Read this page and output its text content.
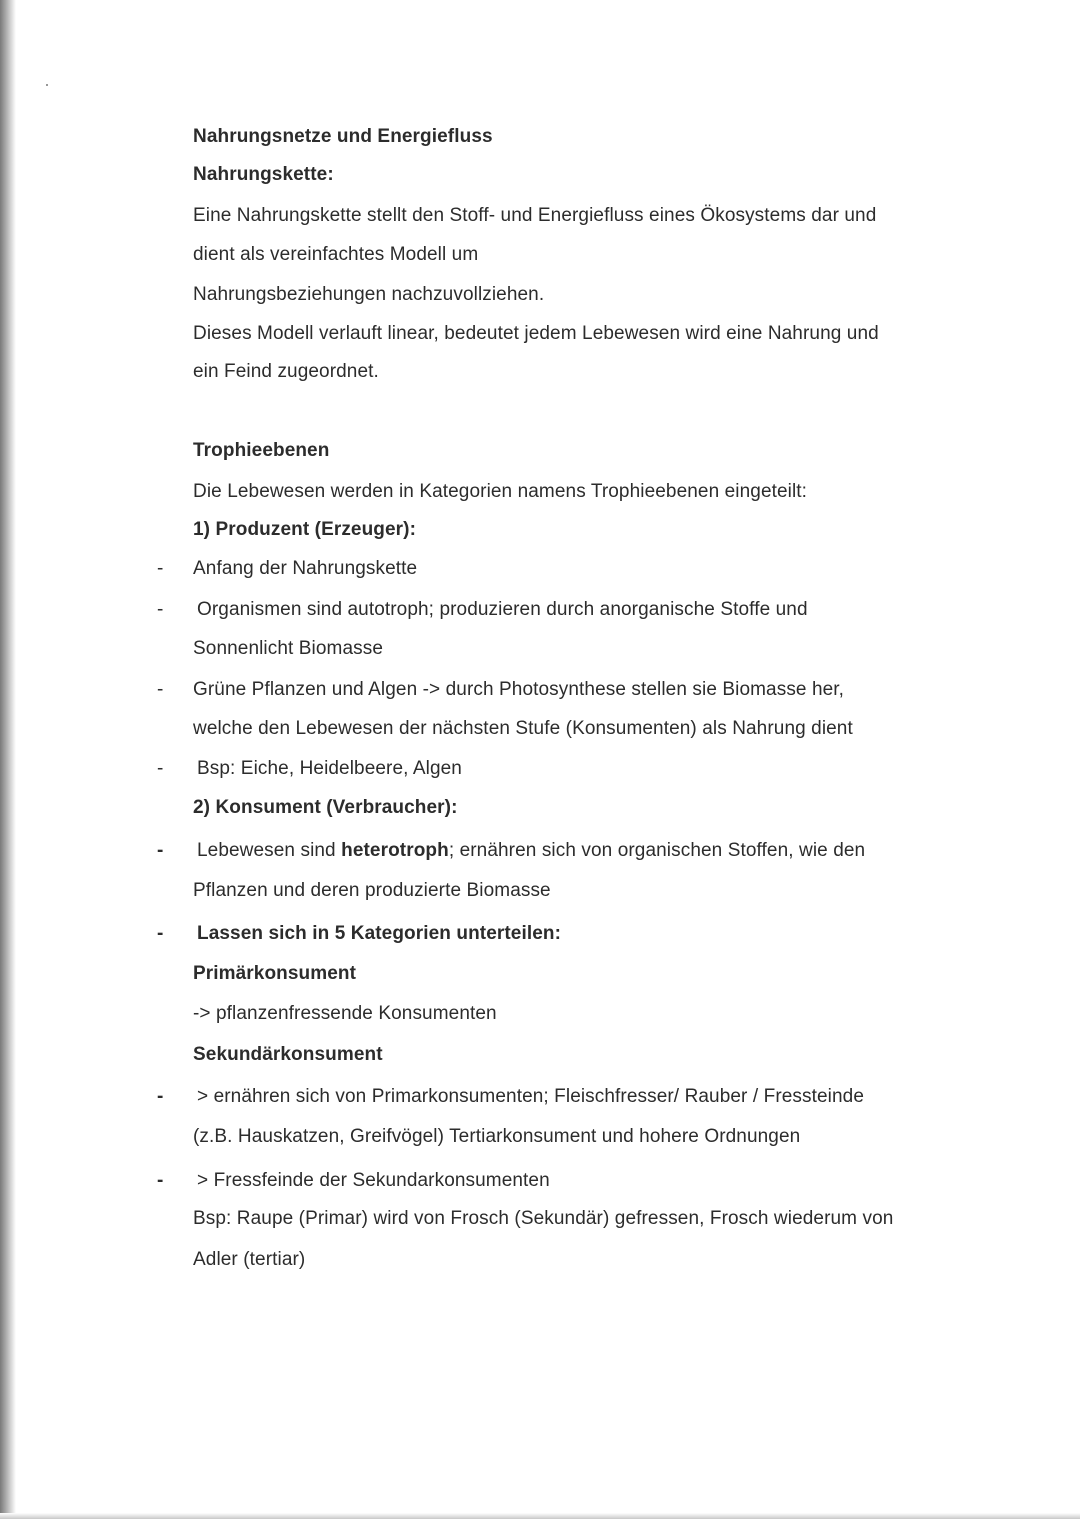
Nahrungsnetze und Energiefluss
Nahrungskette:
Eine Nahrungskette stellt den Stoff- und Energiefluss eines Ökosystems dar und
dient als vereinfachtes Modell um
Nahrungsbeziehungen nachzuvollziehen.
Dieses Modell verlauft linear, bedeutet jedem Lebewesen wird eine Nahrung und
ein Feind zugeordnet.
Trophieebenen
Die Lebewesen werden in Kategorien namens Trophieebenen eingeteilt:
1) Produzent (Erzeuger):
- Anfang der Nahrungskette
- Organismen sind autotroph; produzieren durch anorganische Stoffe und
Sonnenlicht Biomasse
- Grüne Pflanzen und Algen -> durch Photosynthese stellen sie Biomasse her,
welche den Lebewesen der nächsten Stufe (Konsumenten) als Nahrung dient
- Bsp: Eiche, Heidelbeere, Algen
2) Konsument (Verbraucher):
- Lebewesen sind heterotroph; ernähren sich von organischen Stoffen, wie den
Pflanzen und deren produzierte Biomasse
- Lassen sich in 5 Kategorien unterteilen:
Primärkonsument
-> pflanzenfressende Konsumenten
Sekundärkonsument
- > ernähren sich von Primarkonsumenten; Fleischfresser/ Rauber / Fressteinde
(z.B. Hauskatzen, Greifvögel) Tertiarkonsument und hohere Ordnungen
- > Fressfeinde der Sekundarkonsumenten
Bsp: Raupe (Primar) wird von Frosch (Sekundär) gefressen, Frosch wiederum von
Adler (tertiar)
